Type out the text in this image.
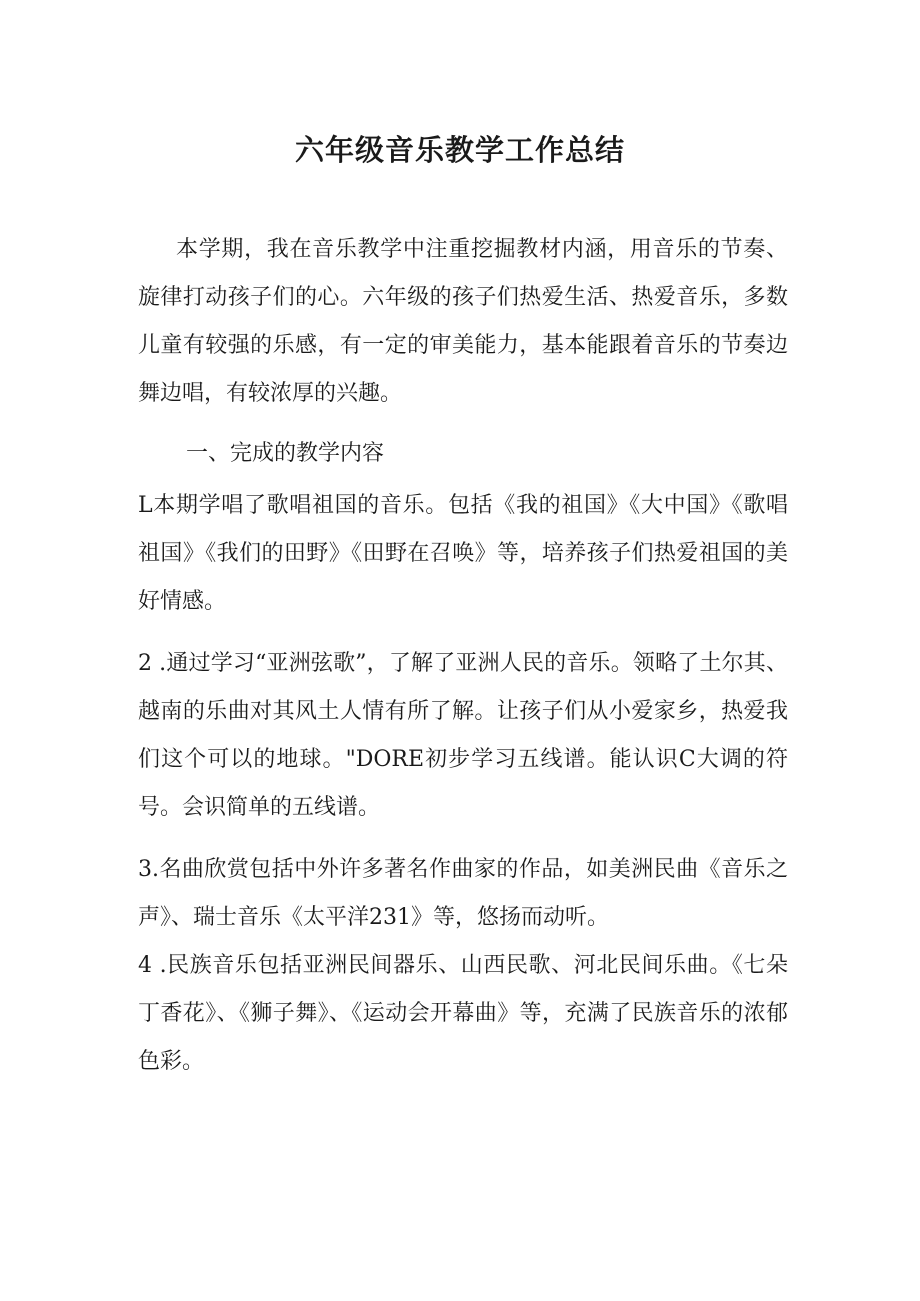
六年级音乐教学工作总结

本学期，我在音乐教学中注重挖掘教材内涵，用音乐的节奏、旋律打动孩子们的心。六年级的孩子们热爱生活、热爱音乐，多数儿童有较强的乐感，有一定的审美能力，基本能跟着音乐的节奏边舞边唱，有较浓厚的兴趣。

一、完成的教学内容

L本期学唱了歌唱祖国的音乐。包括《我的祖国》《大中国》《歌唱祖国》《我们的田野》《田野在召唤》等，培养孩子们热爱祖国的美好情感。

2 .通过学习“亚洲弦歌”，了解了亚洲人民的音乐。领略了土尔其、越南的乐曲对其风土人情有所了解。让孩子们从小爱家乡，热爱我们这个可以的地球。"DORE初步学习五线谱。能认识C大调的符号。会识简单的五线谱。

3.名曲欣赏包括中外许多著名作曲家的作品，如美洲民曲《音乐之声》、瑞士音乐《太平洋231》等，悠扬而动听。

4 .民族音乐包括亚洲民间器乐、山西民歌、河北民间乐曲。《七朵丁香花》、《狮子舞》、《运动会开幕曲》等，充满了民族音乐的浓郁色彩。
